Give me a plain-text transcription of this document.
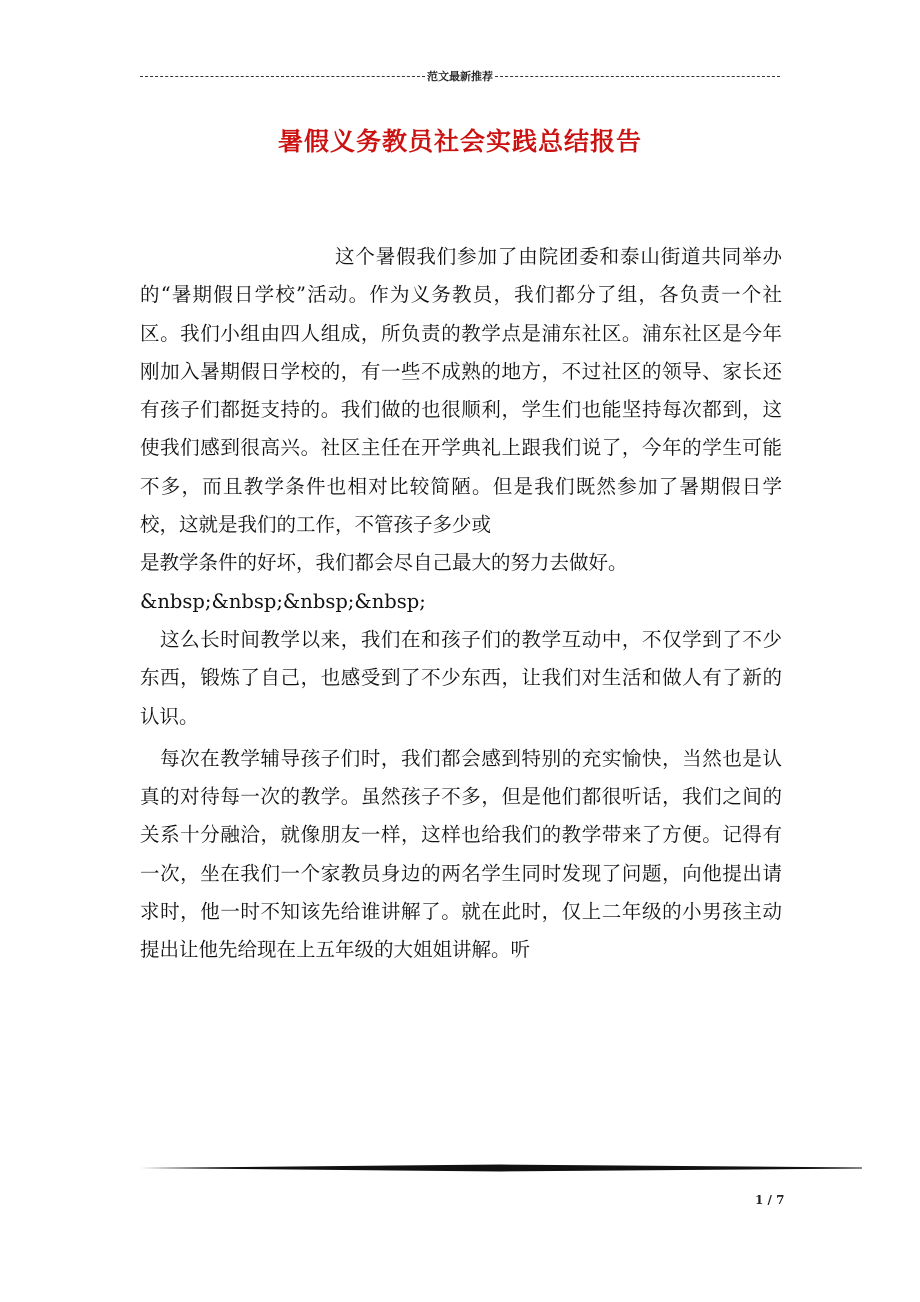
范文最新推荐
暑假义务教员社会实践总结报告

这个暑假我们参加了由院团委和泰山街道共同举办的“暑期假日学校”活动。作为义务教员，我们都分了组，各负责一个社区。我们小组由四人组成，所负责的教学点是浦东社区。浦东社区是今年刚加入暑期假日学校的，有一些不成熟的地方，不过社区的领导、家长还有孩子们都挺支持的。我们做的也很顺利，学生们也能坚持每次都到，这使我们感到很高兴。社区主任在开学典礼上跟我们说了，今年的学生可能不多，而且教学条件也相对比较简陋。但是我们既然参加了暑期假日学校，这就是我们的工作，不管孩子多少或

是教学条件的好坏，我们都会尽自己最大的努力去做好。

&nbsp;&nbsp;&nbsp;&nbsp;

这么长时间教学以来，我们在和孩子们的教学互动中，不仅学到了不少东西，锻炼了自己，也感受到了不少东西，让我们对生活和做人有了新的认识。

每次在教学辅导孩子们时，我们都会感到特别的充实愉快，当然也是认真的对待每一次的教学。虽然孩子不多，但是他们都很听话，我们之间的关系十分融洽，就像朋友一样，这样也给我们的教学带来了方便。记得有一次，坐在我们一个家教员身边的两名学生同时发现了问题，向他提出请求时，他一时不知该先给谁讲解了。就在此时，仅上二年级的小男孩主动提出让他先给现在上五年级的大姐姐讲解。听

1 / 7
